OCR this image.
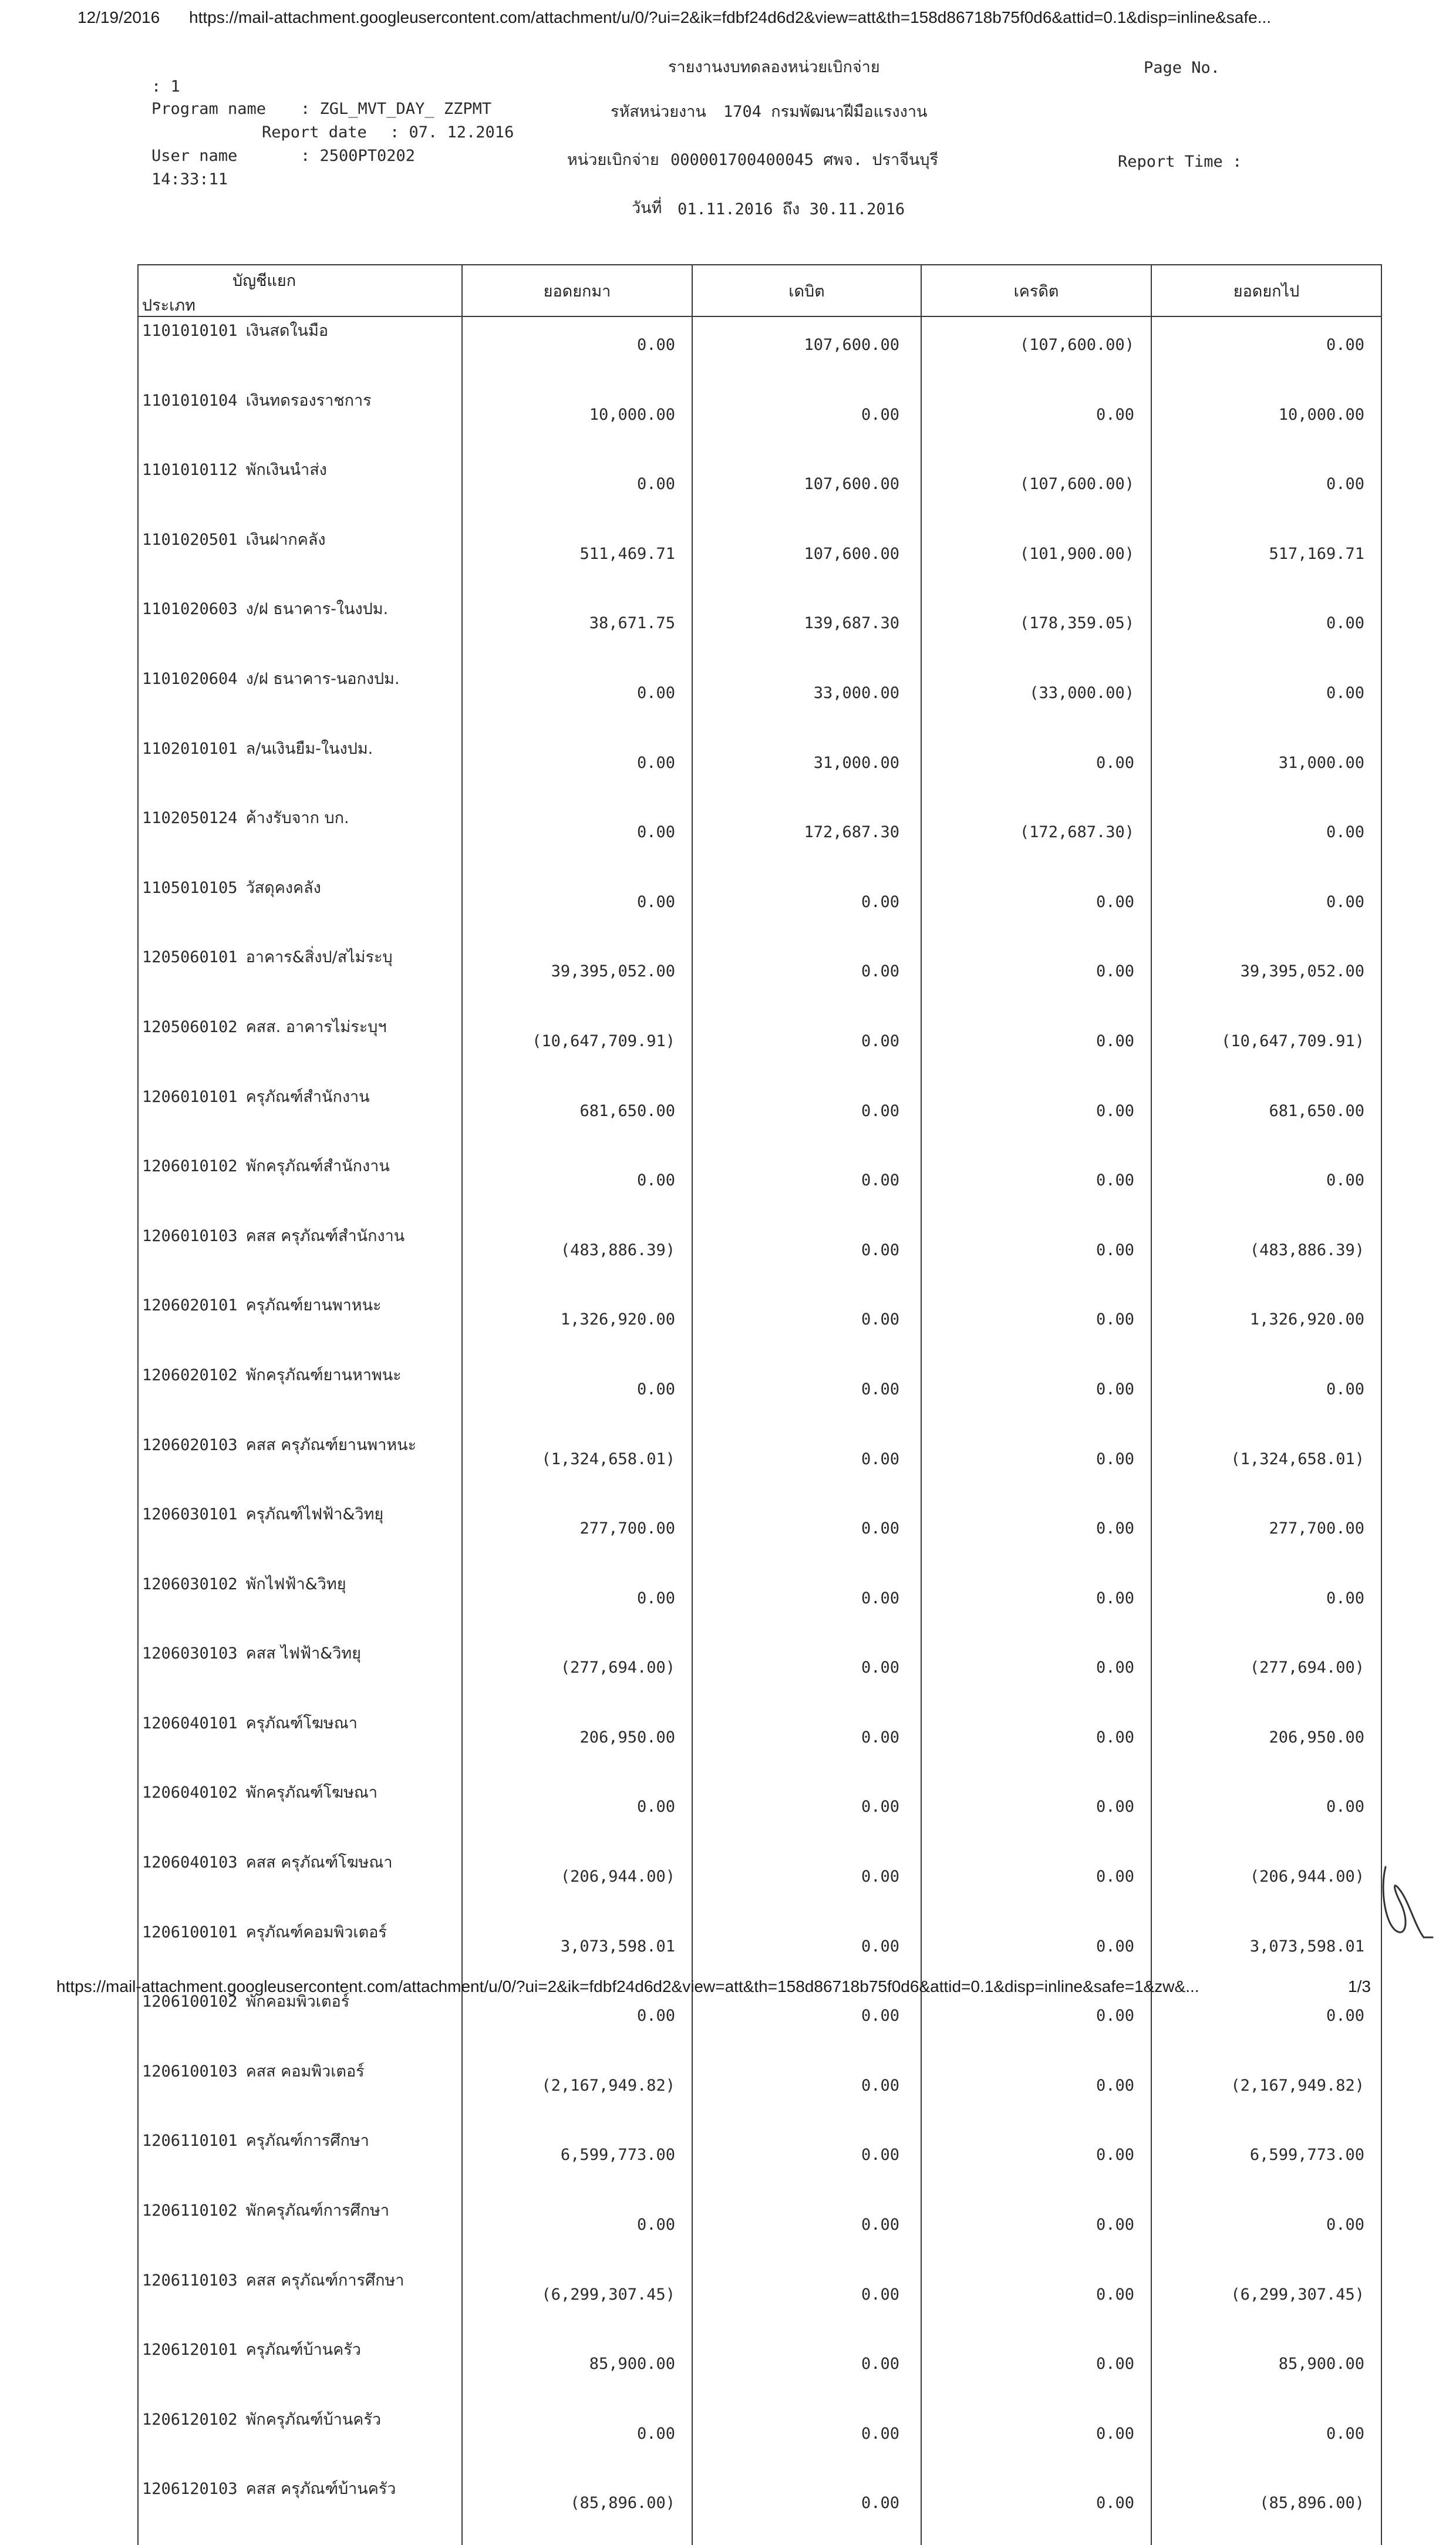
12/19/2016 https://mail-attachment.googleusercontent.com/attachment/u/0/?ui=2&ik=fdbf24d6d2&view=att&th=158d86718b75f0d6&attid=0.1&disp=inline&safe...
รายงานงบทดลองหน่วยเบิกจ่าย	Page No.
: 1
Program name : ZGL_MVT_DAY_ ZZPMT	รหัสหน่วยงาน 1704 กรมพัฒนาฝีมือแรงงาน
Report date : 07. 12.2016
User name	: 2500PT0202	หน่วยเบิกจ่าย 000001700400045 ศพจ. ปราจีนบุรี	Report Time :
14:33:11
วันที่ 01.11.2016 ถึง 30.11.2016
บัญชีแยก
ประเภท	ยอดยกมา	เดบิต	เครดิต	ยอดยกไป
1101010101 เงินสดในมือ	0.00	107,600.00	(107,600.00)	0.00
1101010104 เงินทดรองราชการ	10,000.00	0.00	0.00	10,000.00
1101010112 พักเงินนำส่ง	0.00	107,600.00	(107,600.00)	0.00
1101020501 เงินฝากคลัง	511,469.71	107,600.00	(101,900.00)	517,169.71
1101020603 ง/ฝ ธนาคาร-ในงปม.	38,671.75	139,687.30	(178,359.05)	0.00
1101020604 ง/ฝ ธนาคาร-นอกงปม.	0.00	33,000.00	(33,000.00)	0.00
1102010101 ล/นเงินยืม-ในงปม.	0.00	31,000.00	0.00	31,000.00
1102050124 ค้างรับจาก บก.	0.00	172,687.30	(172,687.30)	0.00
1105010105 วัสดุคงคลัง	0.00	0.00	0.00	0.00
1205060101 อาคาร&สิ่งป/สไม่ระบุ	39,395,052.00	0.00	0.00	39,395,052.00
1205060102 คสส. อาคารไม่ระบุฯ	(10,647,709.91)	0.00	0.00	(10,647,709.91)
1206010101 ครุภัณฑ์สำนักงาน	681,650.00	0.00	0.00	681,650.00
1206010102 พักครุภัณฑ์สำนักงาน	0.00	0.00	0.00	0.00
1206010103 คสส ครุภัณฑ์สำนักงาน	(483,886.39)	0.00	0.00	(483,886.39)
1206020101 ครุภัณฑ์ยานพาหนะ	1,326,920.00	0.00	0.00	1,326,920.00
1206020102 พักครุภัณฑ์ยานหาพนะ	0.00	0.00	0.00	0.00
1206020103 คสส ครุภัณฑ์ยานพาหนะ	(1,324,658.01)	0.00	0.00	(1,324,658.01)
1206030101 ครุภัณฑ์ไฟฟ้า&วิทยุ	277,700.00	0.00	0.00	277,700.00
1206030102 พักไฟฟ้า&วิทยุ	0.00	0.00	0.00	0.00
1206030103 คสส ไฟฟ้า&วิทยุ	(277,694.00)	0.00	0.00	(277,694.00)
1206040101 ครุภัณฑ์โฆษณา	206,950.00	0.00	0.00	206,950.00
1206040102 พักครุภัณฑ์โฆษณา	0.00	0.00	0.00	0.00
1206040103 คสส ครุภัณฑ์โฆษณา	(206,944.00)	0.00	0.00	(206,944.00)
1206100101 ครุภัณฑ์คอมพิวเตอร์	3,073,598.01	0.00	0.00	3,073,598.01
1206100102 พักคอมพิวเตอร์	0.00	0.00	0.00	0.00
1206100103 คสส คอมพิวเตอร์	(2,167,949.82)	0.00	0.00	(2,167,949.82)
1206110101 ครุภัณฑ์การศึกษา	6,599,773.00	0.00	0.00	6,599,773.00
1206110102 พักครุภัณฑ์การศึกษา	0.00	0.00	0.00	0.00
1206110103 คสส ครุภัณฑ์การศึกษา	(6,299,307.45)	0.00	0.00	(6,299,307.45)
1206120101 ครุภัณฑ์บ้านครัว	85,900.00	0.00	0.00	85,900.00
1206120102 พักครุภัณฑ์บ้านครัว	0.00	0.00	0.00	0.00
1206120103 คสส ครุภัณฑ์บ้านครัว	(85,896.00)	0.00	0.00	(85,896.00)
https://mail-attachment.googleusercontent.com/attachment/u/0/?ui=2&ik=fdbf24d6d2&view=att&th=158d86718b75f0d6&attid=0.1&disp=inline&safe=1&zw&...	1/3
